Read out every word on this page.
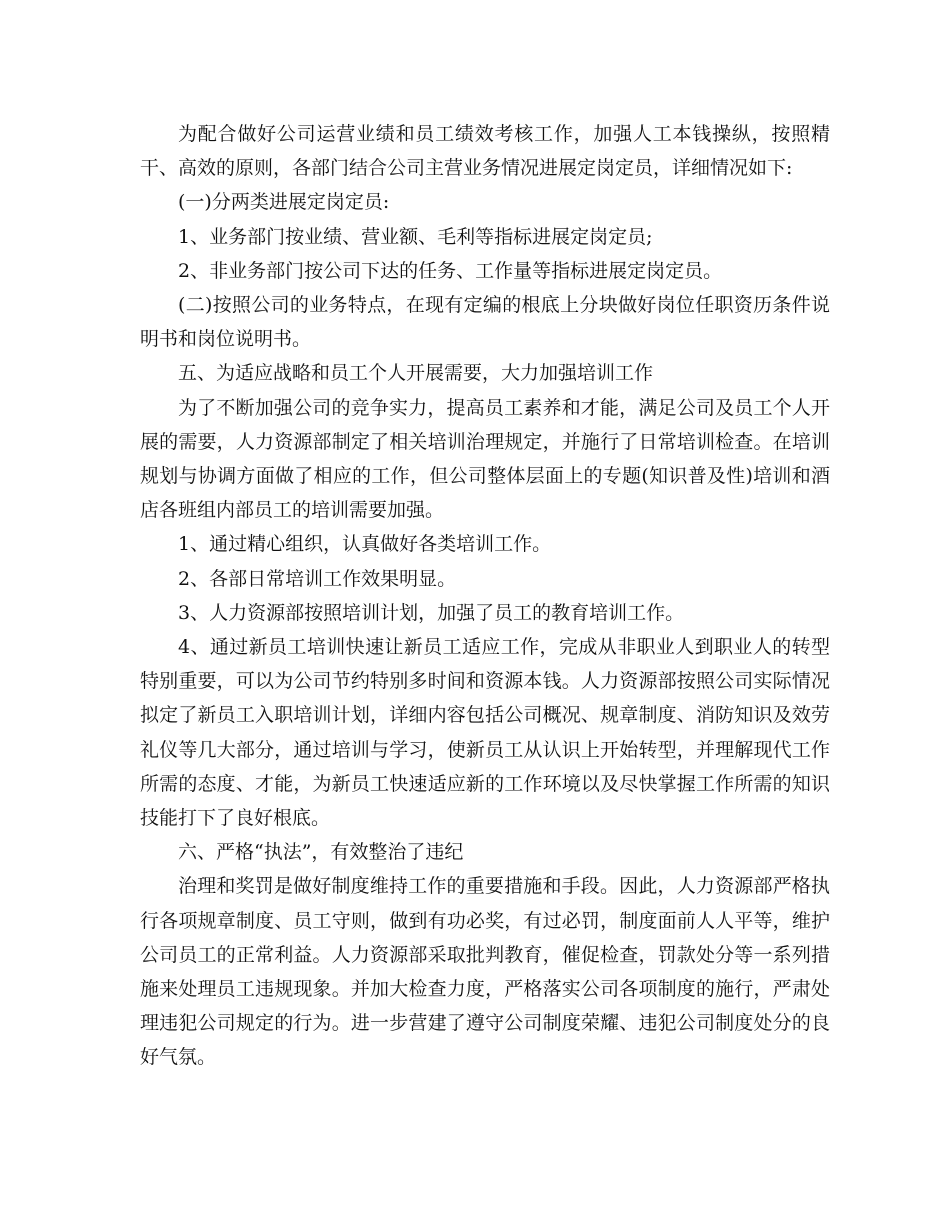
为配合做好公司运营业绩和员工绩效考核工作，加强人工本钱操纵，按照精干、高效的原则，各部门结合公司主营业务情况进展定岗定员，详细情况如下:

(一)分两类进展定岗定员:

1、业务部门按业绩、营业额、毛利等指标进展定岗定员;

2、非业务部门按公司下达的任务、工作量等指标进展定岗定员。

(二)按照公司的业务特点，在现有定编的根底上分块做好岗位任职资历条件说明书和岗位说明书。

五、为适应战略和员工个人开展需要，大力加强培训工作

为了不断加强公司的竞争实力，提高员工素养和才能，满足公司及员工个人开展的需要，人力资源部制定了相关培训治理规定，并施行了日常培训检查。在培训规划与协调方面做了相应的工作，但公司整体层面上的专题(知识普及性)培训和酒店各班组内部员工的培训需要加强。

1、通过精心组织，认真做好各类培训工作。

2、各部日常培训工作效果明显。

3、人力资源部按照培训计划，加强了员工的教育培训工作。

4、通过新员工培训快速让新员工适应工作，完成从非职业人到职业人的转型特别重要，可以为公司节约特别多时间和资源本钱。人力资源部按照公司实际情况拟定了新员工入职培训计划，详细内容包括公司概况、规章制度、消防知识及效劳礼仪等几大部分，通过培训与学习，使新员工从认识上开始转型，并理解现代工作所需的态度、才能，为新员工快速适应新的工作环境以及尽快掌握工作所需的知识技能打下了良好根底。

六、严格“执法”，有效整治了违纪

治理和奖罚是做好制度维持工作的重要措施和手段。因此，人力资源部严格执行各项规章制度、员工守则，做到有功必奖，有过必罚，制度面前人人平等，维护公司员工的正常利益。人力资源部采取批判教育，催促检查，罚款处分等一系列措施来处理员工违规现象。并加大检查力度，严格落实公司各项制度的施行，严肃处理违犯公司规定的行为。进一步营建了遵守公司制度荣耀、违犯公司制度处分的良好气氛。
